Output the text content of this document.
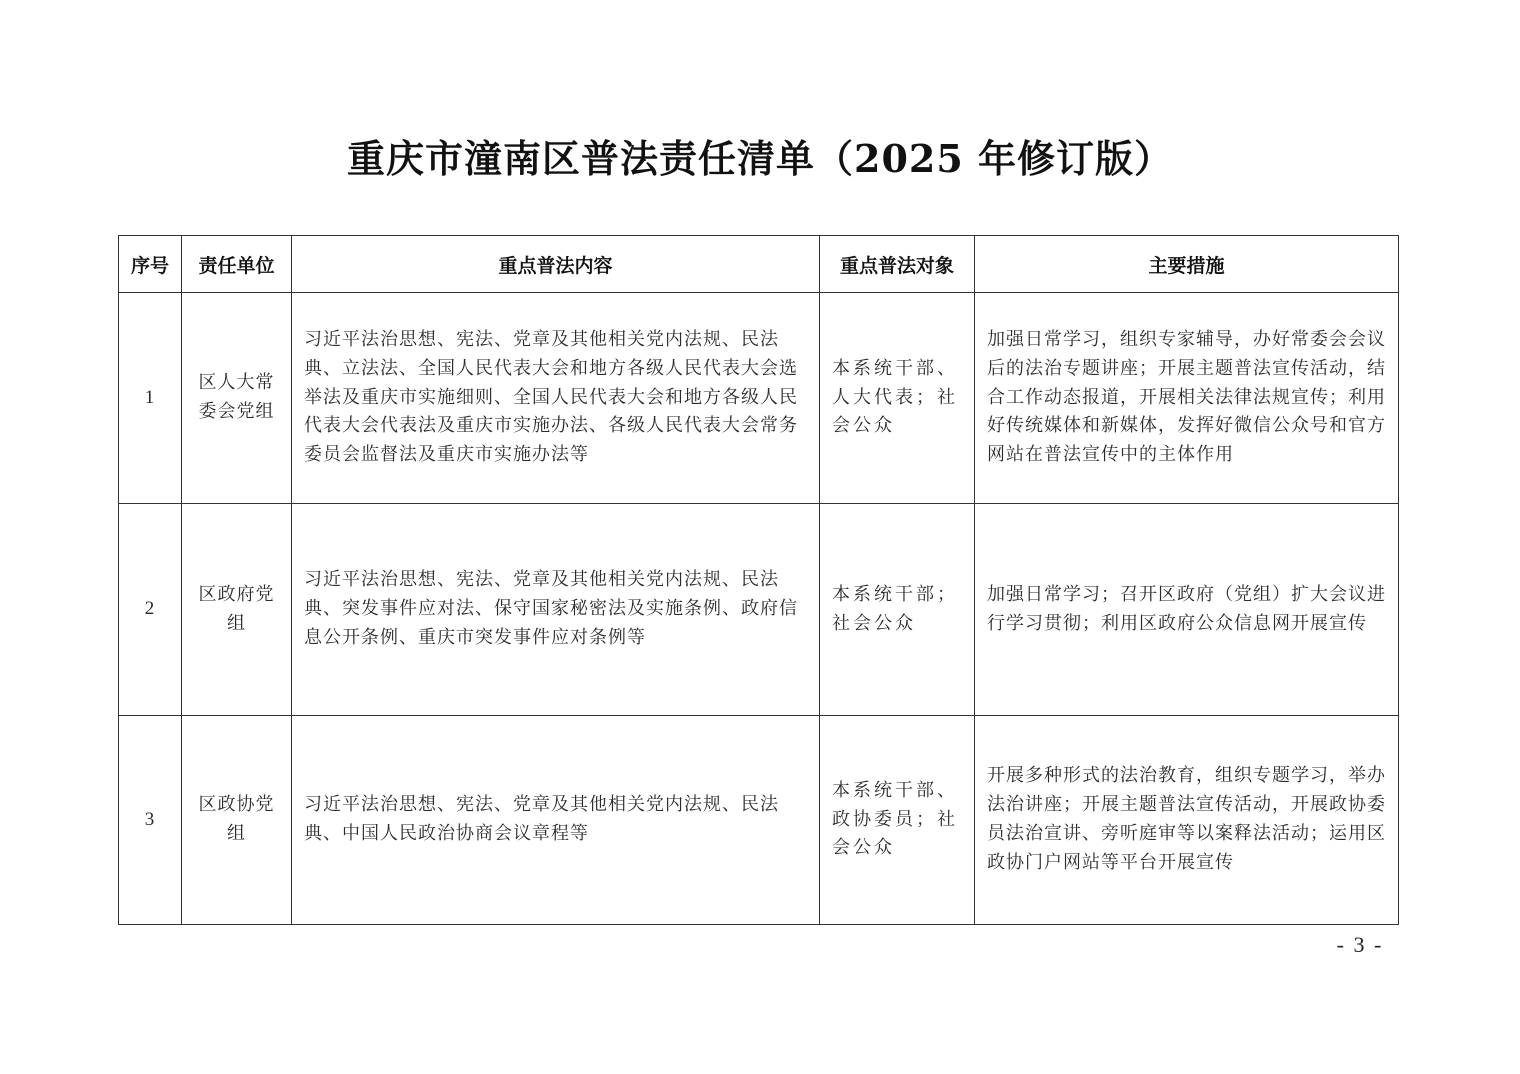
重庆市潼南区普法责任清单（2025 年修订版）
序号	责任单位	重点普法内容	重点普法对象	主要措施
1	区人大常委会党组	习近平法治思想、宪法、党章及其他相关党内法规、民法典、立法法、全国人民代表大会和地方各级人民代表大会选举法及重庆市实施细则、全国人民代表大会和地方各级人民代表大会代表法及重庆市实施办法、各级人民代表大会常务委员会监督法及重庆市实施办法等	本系统干部、人大代表；社会公众	加强日常学习，组织专家辅导，办好常委会会议后的法治专题讲座；开展主题普法宣传活动，结合工作动态报道，开展相关法律法规宣传；利用好传统媒体和新媒体，发挥好微信公众号和官方网站在普法宣传中的主体作用
2	区政府党组	习近平法治思想、宪法、党章及其他相关党内法规、民法典、突发事件应对法、保守国家秘密法及实施条例、政府信息公开条例、重庆市突发事件应对条例等	本系统干部；社会公众	加强日常学习；召开区政府（党组）扩大会议进行学习贯彻；利用区政府公众信息网开展宣传
3	区政协党组	习近平法治思想、宪法、党章及其他相关党内法规、民法典、中国人民政治协商会议章程等	本系统干部、政协委员；社会公众	开展多种形式的法治教育，组织专题学习，举办法治讲座；开展主题普法宣传活动，开展政协委员法治宣讲、旁听庭审等以案释法活动；运用区政协门户网站等平台开展宣传
- 3 -
